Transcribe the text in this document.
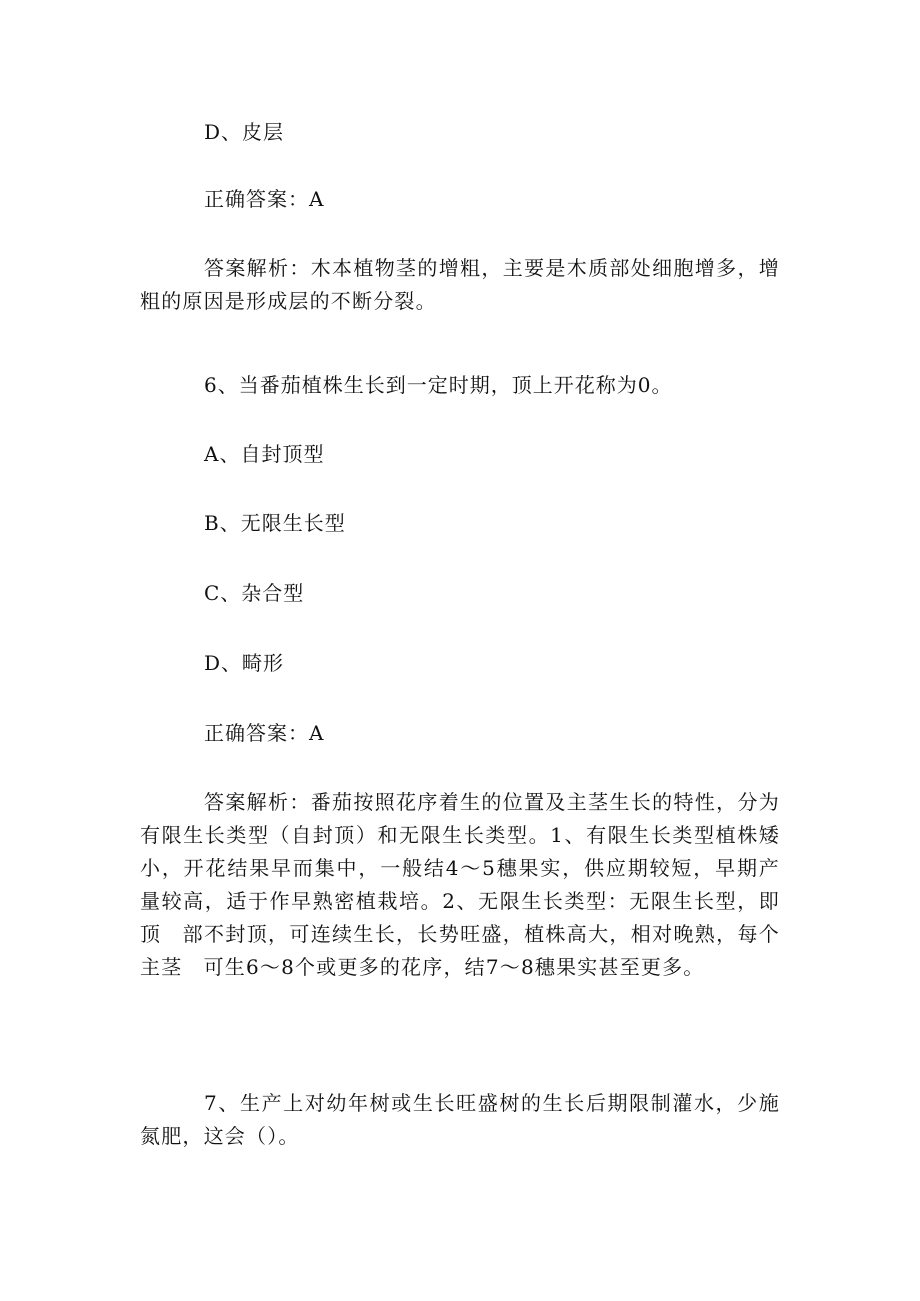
D、皮层
正确答案：A
答案解析：木本植物茎的增粗，主要是木质部处细胞增多，增粗的原因是形成层的不断分裂。
6、当番茄植株生长到一定时期，顶上开花称为0。
A、自封顶型
B、无限生长型
C、杂合型
D、畸形
正确答案：A
答案解析：番茄按照花序着生的位置及主茎生长的特性，分为有限生长类型（自封顶）和无限生长类型。1、有限生长类型植株矮小，开花结果早而集中，一般结4～5穗果实，供应期较短，早期产量较高，适于作早熟密植栽培。2、无限生长类型：无限生长型，即顶　部不封顶，可连续生长，长势旺盛，植株高大，相对晚熟，每个主茎　可生6～8个或更多的花序，结7～8穗果实甚至更多。
7、生产上对幼年树或生长旺盛树的生长后期限制灌水，少施氮肥，这会（）。
